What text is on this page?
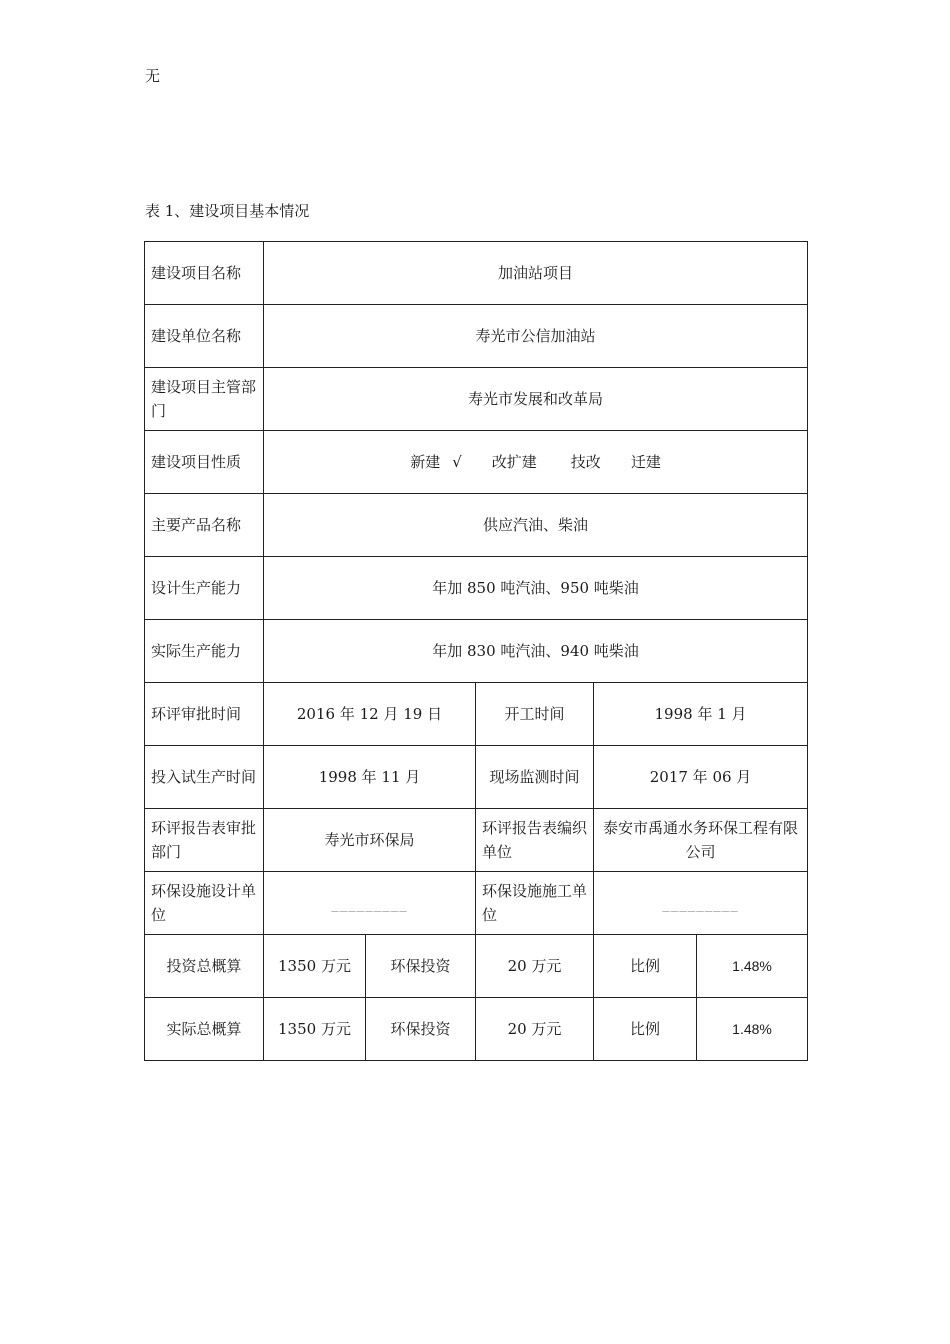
无
表 1、建设项目基本情况
建设项目名称	加油站项目				
建设单位名称	寿光市公信加油站				
建设项目主管部门	寿光市发展和改革局				
建设项目性质	新建 √ 改扩建 技改 迁建				
主要产品名称	供应汽油、柴油				
设计生产能力	年加 850 吨汽油、950 吨柴油				
实际生产能力	年加 830 吨汽油、940 吨柴油				
环评审批时间	2016 年 12 月 19 日		开工时间	1998 年 1 月	
投入试生产时间	1998 年 11 月		现场监测时间	2017 年 06 月	
环评报告表审批部门	寿光市环保局		环评报告表编织单位	泰安市禹通水务环保工程有限公司	
环保设施设计单位	_________		环保设施施工单位	_________	
投资总概算	1350 万元	环保投资	20 万元	比例	1.48%
实际总概算	1350 万元	环保投资	20 万元	比例	1.48%
